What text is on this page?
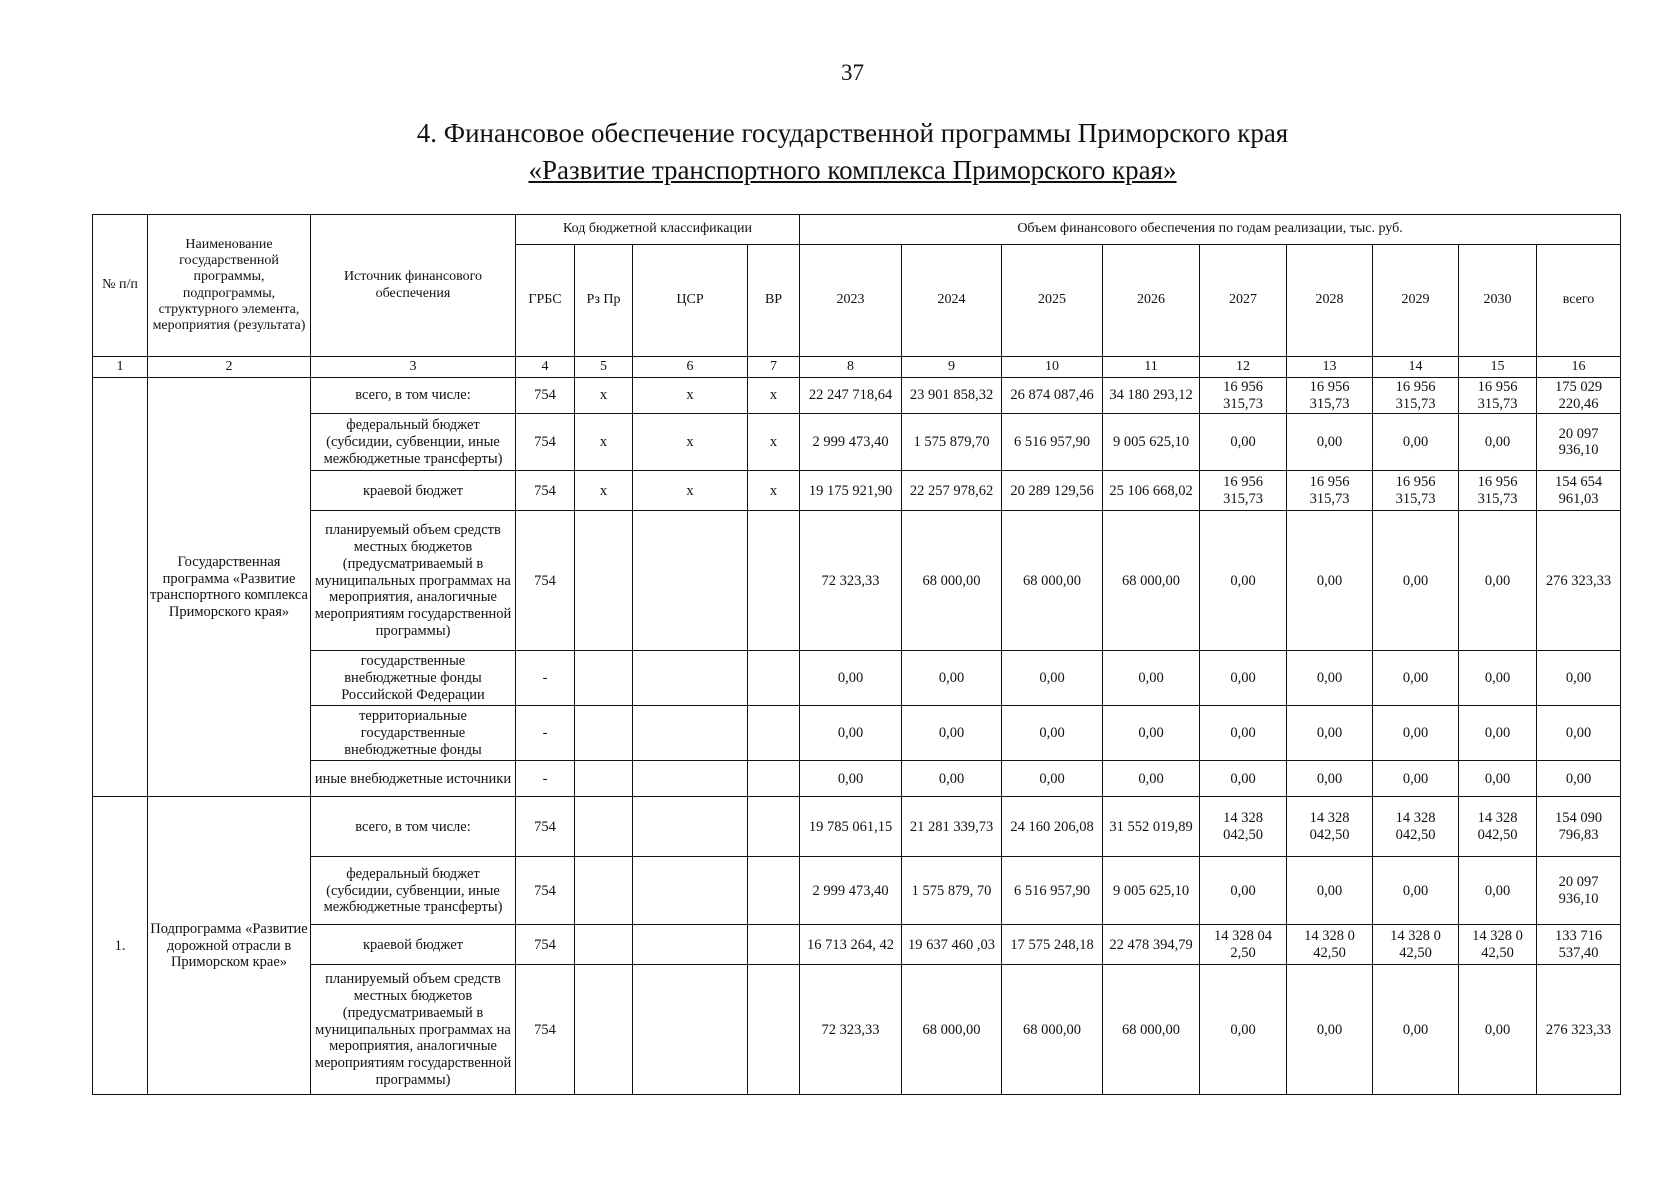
37
4. Финансовое обеспечение государственной программы Приморского края
«Развитие транспортного комплекса Приморского края»
№ п/п	Наименование государственной программы, подпрограммы, структурного элемента, мероприятия (результата)	Источник финансового обеспечения	Код бюджетной классификации				Объем финансового обеспечения по годам реализации, тыс. руб.								
			ГРБС	Рз Пр	ЦСР	ВР	2023	2024	2025	2026	2027	2028	2029	2030	всего
1	2	3	4	5	6	7	8	9	10	11	12	13	14	15	16
	Государственная программа «Развитие транспортного комплекса Приморского края»	всего, в том числе:	754	х	х	х	22 247 718,64	23 901 858,32	26 874 087,46	34 180 293,12	16 956 315,73	16 956 315,73	16 956 315,73	16 956 315,73	175 029 220,46
		федеральный бюджет (субсидии, субвенции, иные межбюджетные трансферты)	754	х	х	х	2 999 473,40	1 575 879,70	6 516 957,90	9 005 625,10	0,00	0,00	0,00	0,00	20 097 936,10
		краевой бюджет	754	х	х	х	19 175 921,90	22 257 978,62	20 289 129,56	25 106 668,02	16 956 315,73	16 956 315,73	16 956 315,73	16 956 315,73	154 654 961,03
		планируемый объем средств местных бюджетов (предусматриваемый в муниципальных программах на мероприятия, аналогичные мероприятиям государственной программы)	754				72 323,33	68 000,00	68 000,00	68 000,00	0,00	0,00	0,00	0,00	276 323,33
		государственные внебюджетные фонды Российской Федерации	-				0,00	0,00	0,00	0,00	0,00	0,00	0,00	0,00	0,00
		территориальные государственные внебюджетные фонды	-				0,00	0,00	0,00	0,00	0,00	0,00	0,00	0,00	0,00
		иные внебюджетные источники	-				0,00	0,00	0,00	0,00	0,00	0,00	0,00	0,00	0,00
1.	Подпрограмма «Развитие дорожной отрасли в Приморском крае»	всего, в том числе:	754				19 785 061,15	21 281 339,73	24 160 206,08	31 552 019,89	14 328 042,50	14 328 042,50	14 328 042,50	14 328 042,50	154 090 796,83
		федеральный бюджет (субсидии, субвенции, иные межбюджетные трансферты)	754				2 999 473,40	1 575 879, 70	6 516 957,90	9 005 625,10	0,00	0,00	0,00	0,00	20 097 936,10
		краевой бюджет	754				16 713 264, 42	19 637 460 ,03	17 575 248,18	22 478 394,79	14 328 04 2,50	14 328 0 42,50	14 328 0 42,50	14 328 0 42,50	133 716 537,40
		планируемый объем средств местных бюджетов (предусматриваемый в муниципальных программах на мероприятия, аналогичные мероприятиям государственной программы)	754				72 323,33	68 000,00	68 000,00	68 000,00	0,00	0,00	0,00	0,00	276 323,33
